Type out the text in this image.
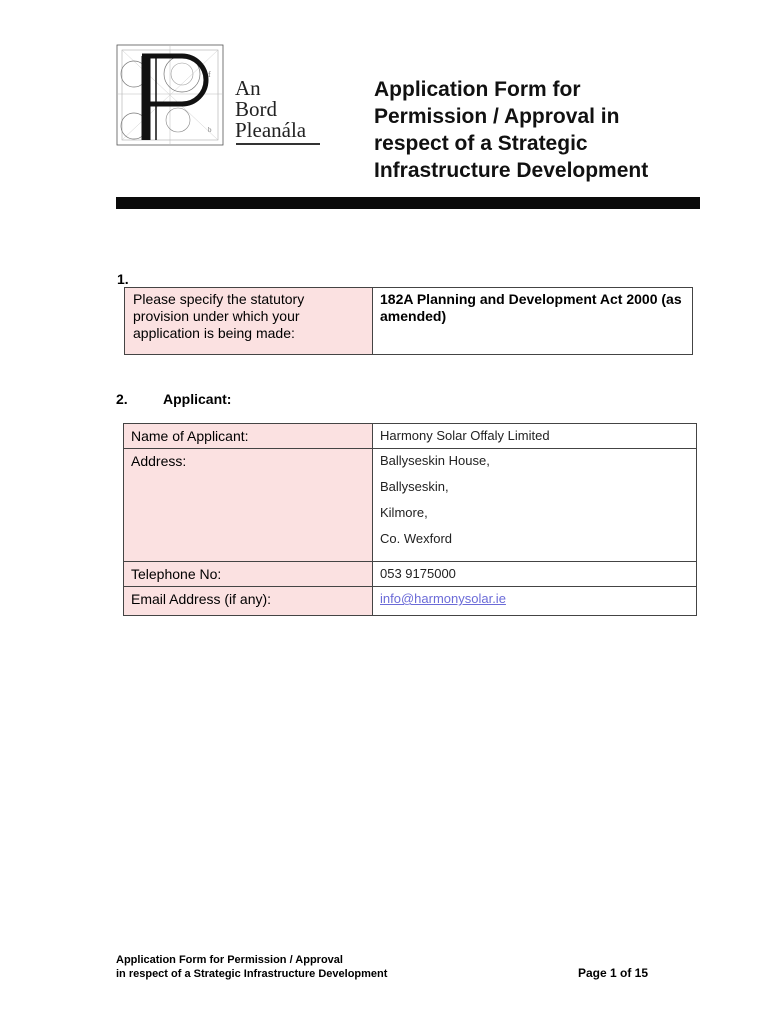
f
b
An
Bord
Pleanála
Application Form for
Permission / Approval in
respect of a Strategic
Infrastructure Development
1.
Please specify the statutory provision under which your application is being made:
182A Planning and Development Act 2000 (as amended)
2.	Applicant:
Name of Applicant:	Harmony Solar Offaly Limited
Address:	Ballyseskin House,
Ballyseskin,
Kilmore,
Co. Wexford
Telephone No:	053 9175000
Email Address (if any):	info@harmonysolar.ie
Application Form for Permission / Approval
in respect of a Strategic Infrastructure Development	Page 1 of 15
